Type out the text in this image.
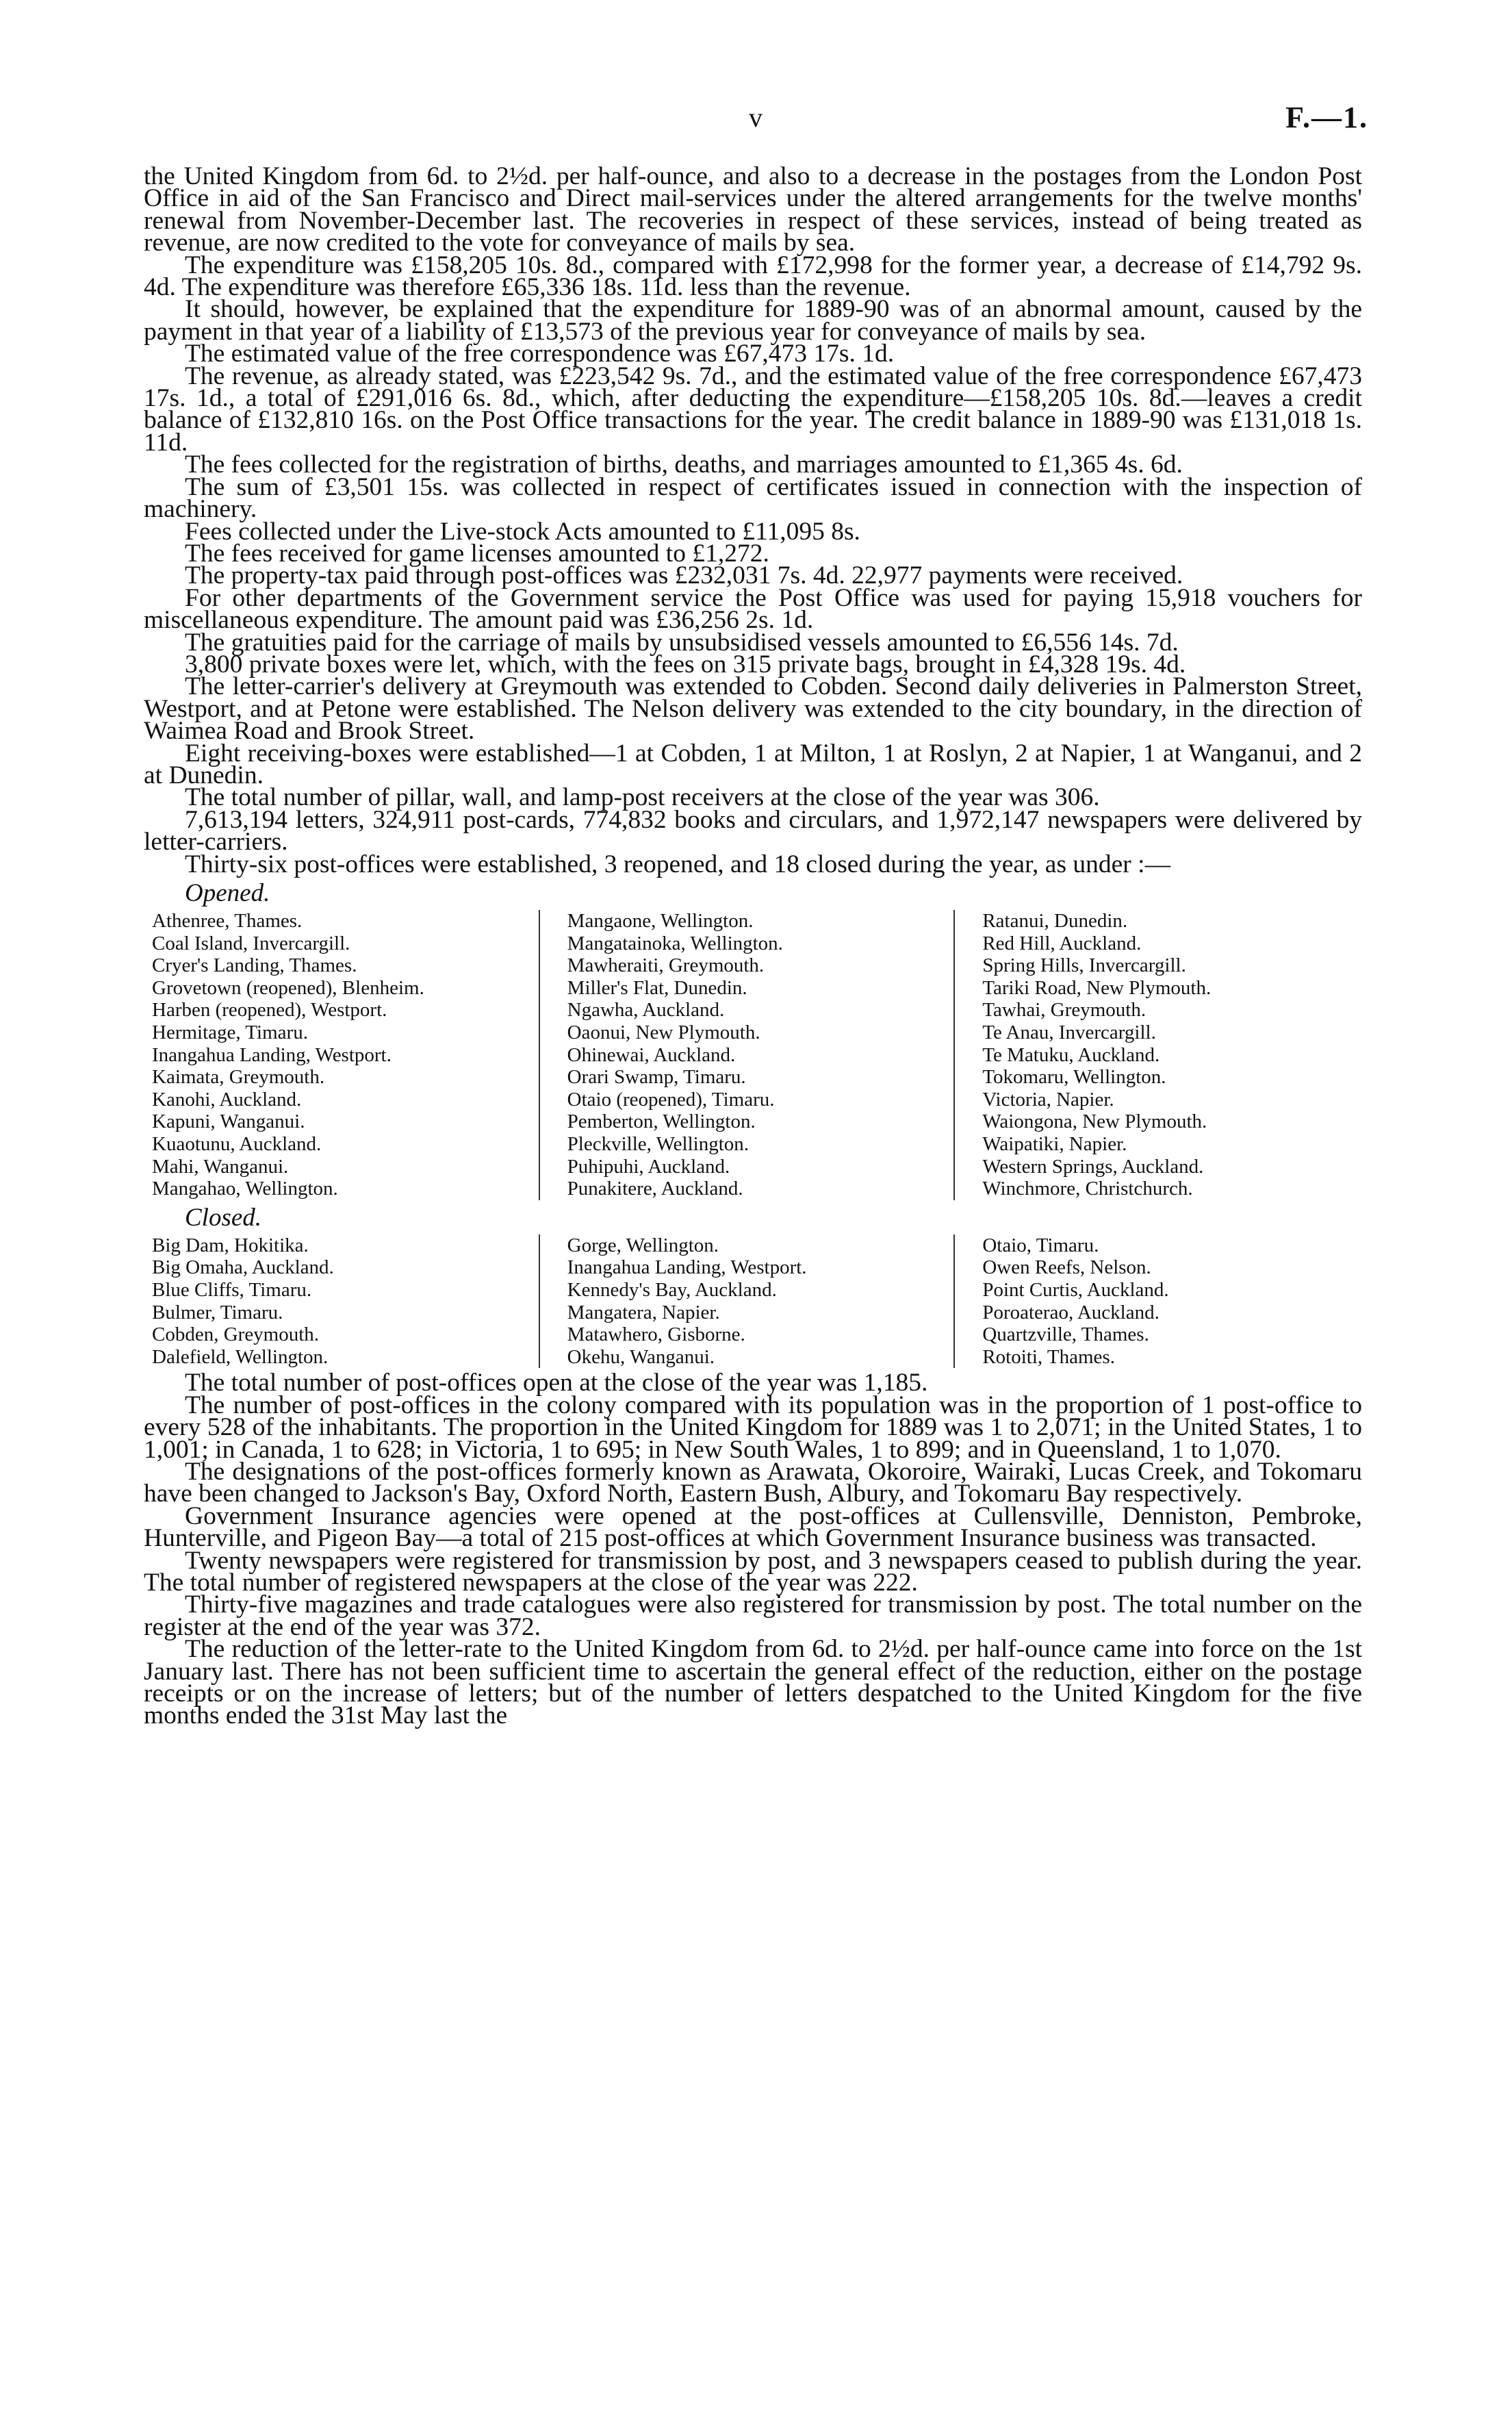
v	F.—1.

the United Kingdom from 6d. to 2½d. per half-ounce, and also to a decrease in the postages from the London Post Office in aid of the San Francisco and Direct mail-services under the altered arrangements for the twelve months' renewal from November-December last. The recoveries in respect of these services, instead of being treated as revenue, are now credited to the vote for conveyance of mails by sea.

The expenditure was £158,205 10s. 8d., compared with £172,998 for the former year, a decrease of £14,792 9s. 4d. The expenditure was therefore £65,336 18s. 11d. less than the revenue.

It should, however, be explained that the expenditure for 1889-90 was of an abnormal amount, caused by the payment in that year of a liability of £13,573 of the previous year for conveyance of mails by sea.

The estimated value of the free correspondence was £67,473 17s. 1d.

The revenue, as already stated, was £223,542 9s. 7d., and the estimated value of the free correspondence £67,473 17s. 1d., a total of £291,016 6s. 8d., which, after deducting the expenditure—£158,205 10s. 8d.—leaves a credit balance of £132,810 16s. on the Post Office transactions for the year. The credit balance in 1889-90 was £131,018 1s. 11d.

The fees collected for the registration of births, deaths, and marriages amounted to £1,365 4s. 6d.

The sum of £3,501 15s. was collected in respect of certificates issued in connection with the inspection of machinery.

Fees collected under the Live-stock Acts amounted to £11,095 8s.

The fees received for game licenses amounted to £1,272.

The property-tax paid through post-offices was £232,031 7s. 4d. 22,977 payments were received.

For other departments of the Government service the Post Office was used for paying 15,918 vouchers for miscellaneous expenditure. The amount paid was £36,256 2s. 1d.

The gratuities paid for the carriage of mails by unsubsidised vessels amounted to £6,556 14s. 7d.

3,800 private boxes were let, which, with the fees on 315 private bags, brought in £4,328 19s. 4d.

The letter-carrier's delivery at Greymouth was extended to Cobden. Second daily deliveries in Palmerston Street, Westport, and at Petone were established. The Nelson delivery was extended to the city boundary, in the direction of Waimea Road and Brook Street.

Eight receiving-boxes were established—1 at Cobden, 1 at Milton, 1 at Roslyn, 2 at Napier, 1 at Wanganui, and 2 at Dunedin.

The total number of pillar, wall, and lamp-post receivers at the close of the year was 306.

7,613,194 letters, 324,911 post-cards, 774,832 books and circulars, and 1,972,147 newspapers were delivered by letter-carriers.

Thirty-six post-offices were established, 3 reopened, and 18 closed during the year, as under :—

Opened.

Athenree, Thames.
Coal Island, Invercargill.
Cryer's Landing, Thames.
Grovetown (reopened), Blenheim.
Harben (reopened), Westport.
Hermitage, Timaru.
Inangahua Landing, Westport.
Kaimata, Greymouth.
Kanohi, Auckland.
Kapuni, Wanganui.
Kuaotunu, Auckland.
Mahi, Wanganui.
Mangahao, Wellington.
Mangaone, Wellington.
Mangatainoka, Wellington.
Mawheraiti, Greymouth.
Miller's Flat, Dunedin.
Ngawha, Auckland.
Oaonui, New Plymouth.
Ohinewai, Auckland.
Orari Swamp, Timaru.
Otaio (reopened), Timaru.
Pemberton, Wellington.
Pleckville, Wellington.
Puhipuhi, Auckland.
Punakitere, Auckland.
Ratanui, Dunedin.
Red Hill, Auckland.
Spring Hills, Invercargill.
Tariki Road, New Plymouth.
Tawhai, Greymouth.
Te Anau, Invercargill.
Te Matuku, Auckland.
Tokomaru, Wellington.
Victoria, Napier.
Waiongona, New Plymouth.
Waipatiki, Napier.
Western Springs, Auckland.
Winchmore, Christchurch.

Closed.

Big Dam, Hokitika.
Big Omaha, Auckland.
Blue Cliffs, Timaru.
Bulmer, Timaru.
Cobden, Greymouth.
Dalefield, Wellington.
Gorge, Wellington.
Inangahua Landing, Westport.
Kennedy's Bay, Auckland.
Mangatera, Napier.
Matawhero, Gisborne.
Okehu, Wanganui.
Otaio, Timaru.
Owen Reefs, Nelson.
Point Curtis, Auckland.
Poroaterao, Auckland.
Quartzville, Thames.
Rotoiti, Thames.

The total number of post-offices open at the close of the year was 1,185.

The number of post-offices in the colony compared with its population was in the proportion of 1 post-office to every 528 of the inhabitants. The proportion in the United Kingdom for 1889 was 1 to 2,071; in the United States, 1 to 1,001; in Canada, 1 to 628; in Victoria, 1 to 695; in New South Wales, 1 to 899; and in Queensland, 1 to 1,070.

The designations of the post-offices formerly known as Arawata, Okoroire, Wairaki, Lucas Creek, and Tokomaru have been changed to Jackson's Bay, Oxford North, Eastern Bush, Albury, and Tokomaru Bay respectively.

Government Insurance agencies were opened at the post-offices at Cullensville, Denniston, Pembroke, Hunterville, and Pigeon Bay—a total of 215 post-offices at which Government Insurance business was transacted.

Twenty newspapers were registered for transmission by post, and 3 newspapers ceased to publish during the year. The total number of registered newspapers at the close of the year was 222.

Thirty-five magazines and trade catalogues were also registered for transmission by post. The total number on the register at the end of the year was 372.

The reduction of the letter-rate to the United Kingdom from 6d. to 2½d. per half-ounce came into force on the 1st January last. There has not been sufficient time to ascertain the general effect of the reduction, either on the postage receipts or on the increase of letters; but of the number of letters despatched to the United Kingdom for the five months ended the 31st May last the
